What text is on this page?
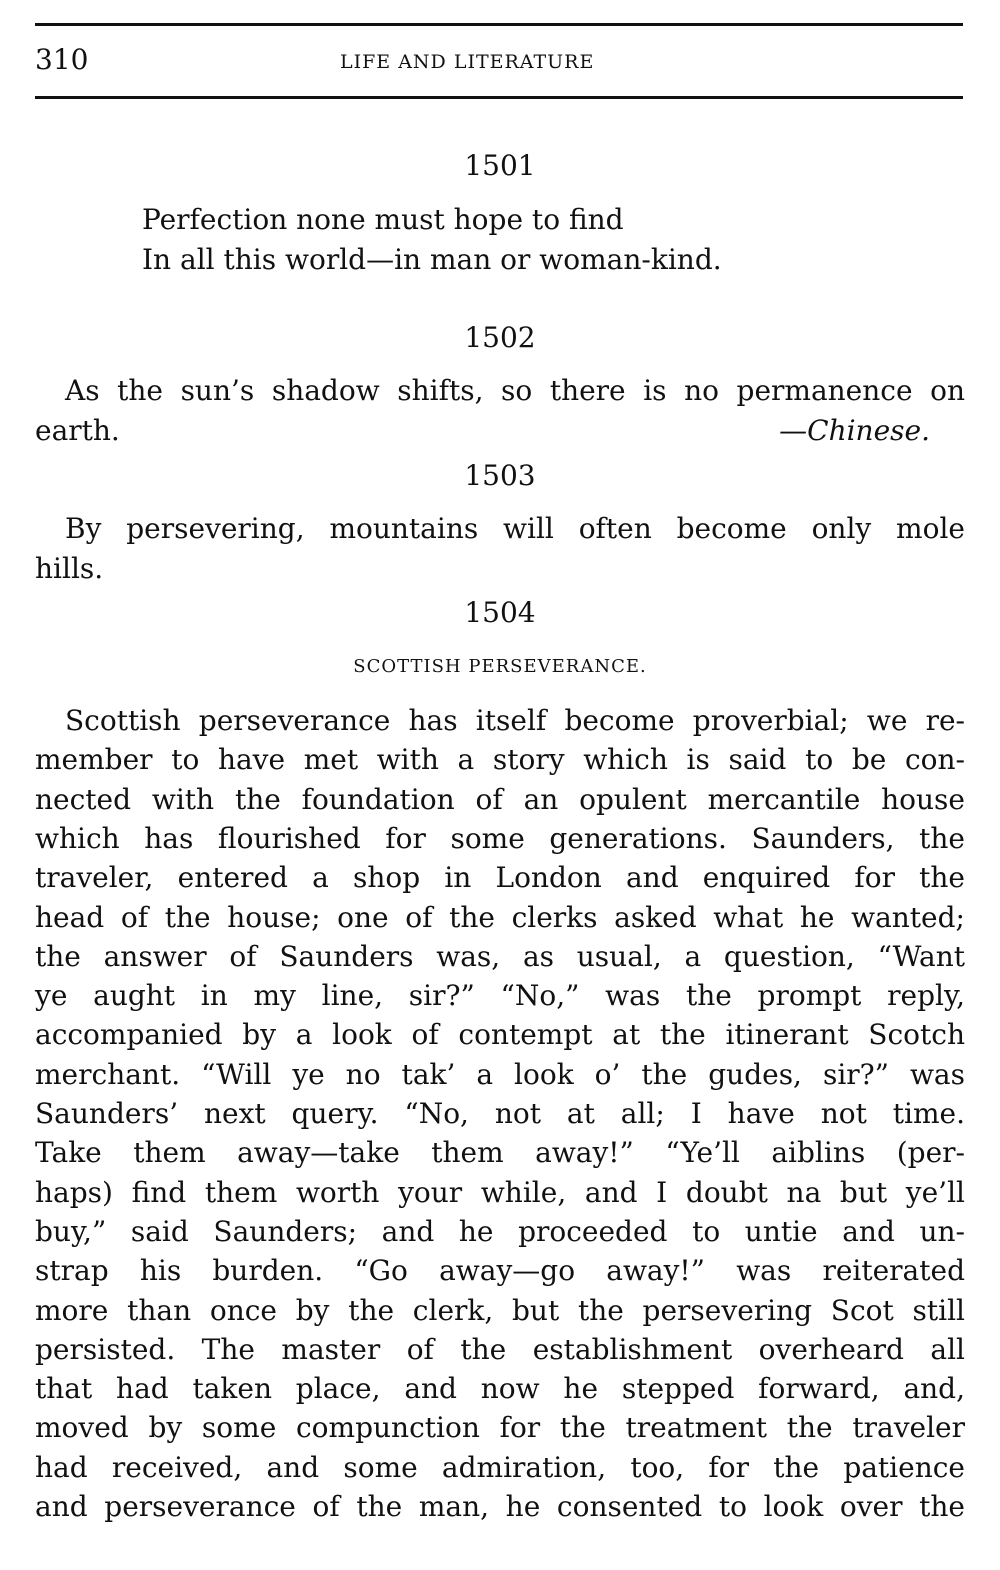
310	LIFE AND LITERATURE
1501
Perfection none must hope to find
In all this world—in man or woman-kind.
1502
As the sun’s shadow shifts, so there is no permanence on
earth.	—Chinese.
1503
By persevering, mountains will often become only mole
hills.
1504
SCOTTISH PERSEVERANCE.
Scottish perseverance has itself become proverbial; we re-
member to have met with a story which is said to be con-
nected with the foundation of an opulent mercantile house
which has flourished for some generations. Saunders, the
traveler, entered a shop in London and enquired for the
head of the house; one of the clerks asked what he wanted;
the answer of Saunders was, as usual, a question, “Want
ye aught in my line, sir?” “No,” was the prompt reply,
accompanied by a look of contempt at the itinerant Scotch
merchant. “Will ye no tak’ a look o’ the gudes, sir?” was
Saunders’ next query. “No, not at all; I have not time.
Take them away—take them away!” “Ye’ll aiblins (per-
haps) find them worth your while, and I doubt na but ye’ll
buy,” said Saunders; and he proceeded to untie and un-
strap his burden. “Go away—go away!” was reiterated
more than once by the clerk, but the persevering Scot still
persisted. The master of the establishment overheard all
that had taken place, and now he stepped forward, and,
moved by some compunction for the treatment the traveler
had received, and some admiration, too, for the patience
and perseverance of the man, he consented to look over the
